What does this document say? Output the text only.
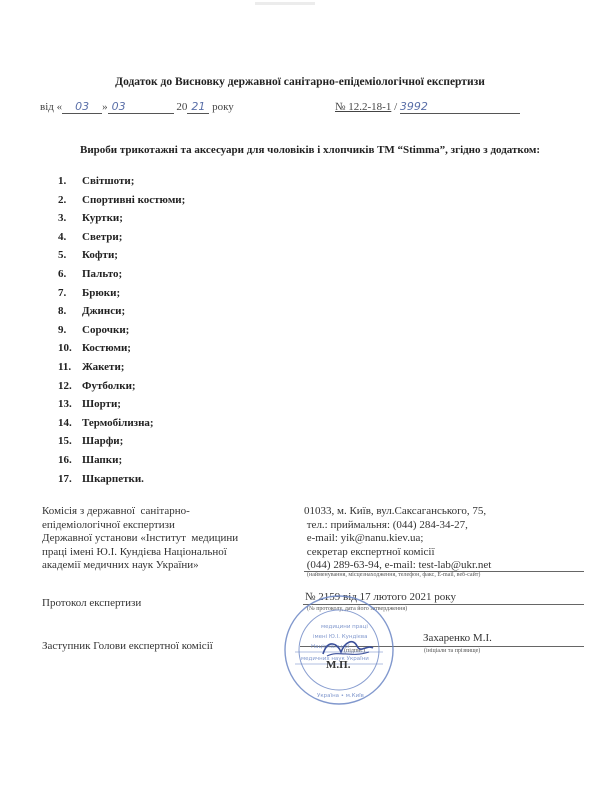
Додаток до Висновку державної санітарно-епідеміологічної експертизи
від « 03 » 03	20 21 року	№ 12.2-18-1 / 3992
Вироби трикотажні та аксесуари для чоловіків і хлопчиків ТМ “Stimma”, згідно з додатком:
1. Світшоти;
2. Спортивні костюми;
3. Куртки;
4. Светри;
5. Кофти;
6. Пальто;
7. Брюки;
8. Джинси;
9. Сорочки;
10. Костюми;
11. Жакети;
12. Футболки;
13. Шорти;
14. Термобілизна;
15. Шарфи;
16. Шапки;
17. Шкарпетки.
Комісія з державної  санітарно-
епідеміологічної експертизи
Державної установи «Інститут  медицини
праці імені Ю.І. Кундієва Національної
академії медичних наук України»
01033, м. Київ, вул.Саксаганського, 75,
тел.: приймальня: (044) 284-34-27,
e-mail: yik@nanu.kiev.ua;
секретар експертної комісії
(044) 289-63-94, e-mail: test-lab@ukr.net
(найменування, місцезнаходження, телефон, факс, E-mail, веб-сайт)
Протокол експертизи	№ 2159 від 17 лютого 2021 року
(№ протоколу, дата його затвердження)
Заступник Голови експертної комісії
Захаренко М.І.
(підпис)	(ініціали та прізвище)
медицини праці
імені Ю.І. Кундієва
Національної
медичних наук України
Україна • м.Київ
М.П.
